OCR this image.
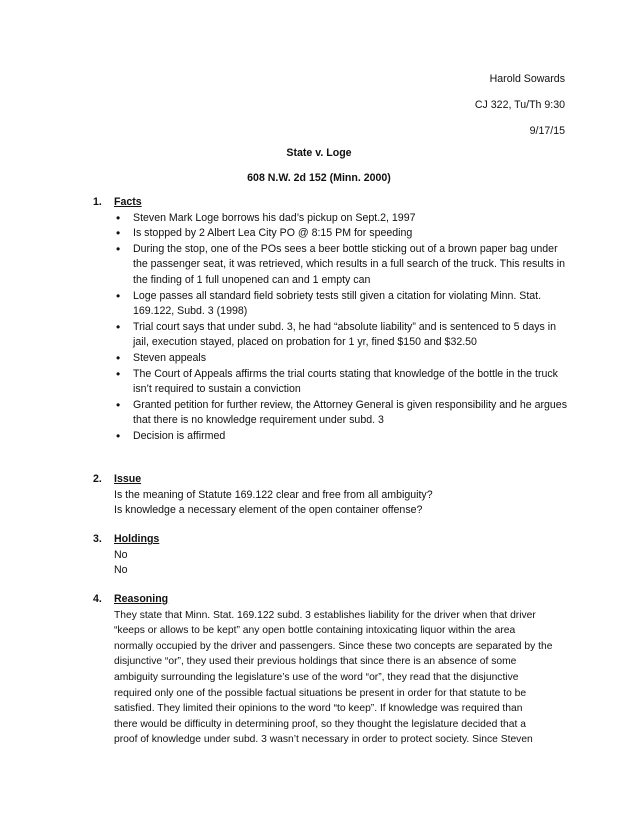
Harold Sowards
CJ 322, Tu/Th 9:30
9/17/15
State v. Loge
608 N.W. 2d 152 (Minn. 2000)
1.	Facts
• Steven Mark Loge borrows his dad’s pickup on Sept.2, 1997
• Is stopped by 2 Albert Lea City PO @ 8:15 PM for speeding
• During the stop, one of the POs sees a beer bottle sticking out of a brown paper bag under the passenger seat, it was retrieved, which results in a full search of the truck. This results in the finding of 1 full unopened can and 1 empty can
• Loge passes all standard field sobriety tests still given a citation for violating Minn. Stat. 169.122, Subd. 3 (1998)
• Trial court says that under subd. 3, he had “absolute liability” and is sentenced to 5 days in jail, execution stayed, placed on probation for 1 yr, fined $150 and $32.50
• Steven appeals
• The Court of Appeals affirms the trial courts stating that knowledge of the bottle in the truck isn’t required to sustain a conviction
• Granted petition for further review, the Attorney General is given responsibility and he argues that there is no knowledge requirement under subd. 3
• Decision is affirmed
2.	Issue
Is the meaning of Statute 169.122 clear and free from all ambiguity?
Is knowledge a necessary element of the open container offense?
3.	Holdings
No
No
4.	Reasoning
They state that Minn. Stat. 169.122 subd. 3 establishes liability for the driver when that driver
“keeps or allows to be kept” any open bottle containing intoxicating liquor within the area
normally occupied by the driver and passengers. Since these two concepts are separated by the
disjunctive “or”, they used their previous holdings that since there is an absence of some
ambiguity surrounding the legislature’s use of the word “or”, they read that the disjunctive
required only one of the possible factual situations be present in order for that statute to be
satisfied. They limited their opinions to the word “to keep”. If knowledge was required than
there would be difficulty in determining proof, so they thought the legislature decided that a
proof of knowledge under subd. 3 wasn’t necessary in order to protect society. Since Steven
